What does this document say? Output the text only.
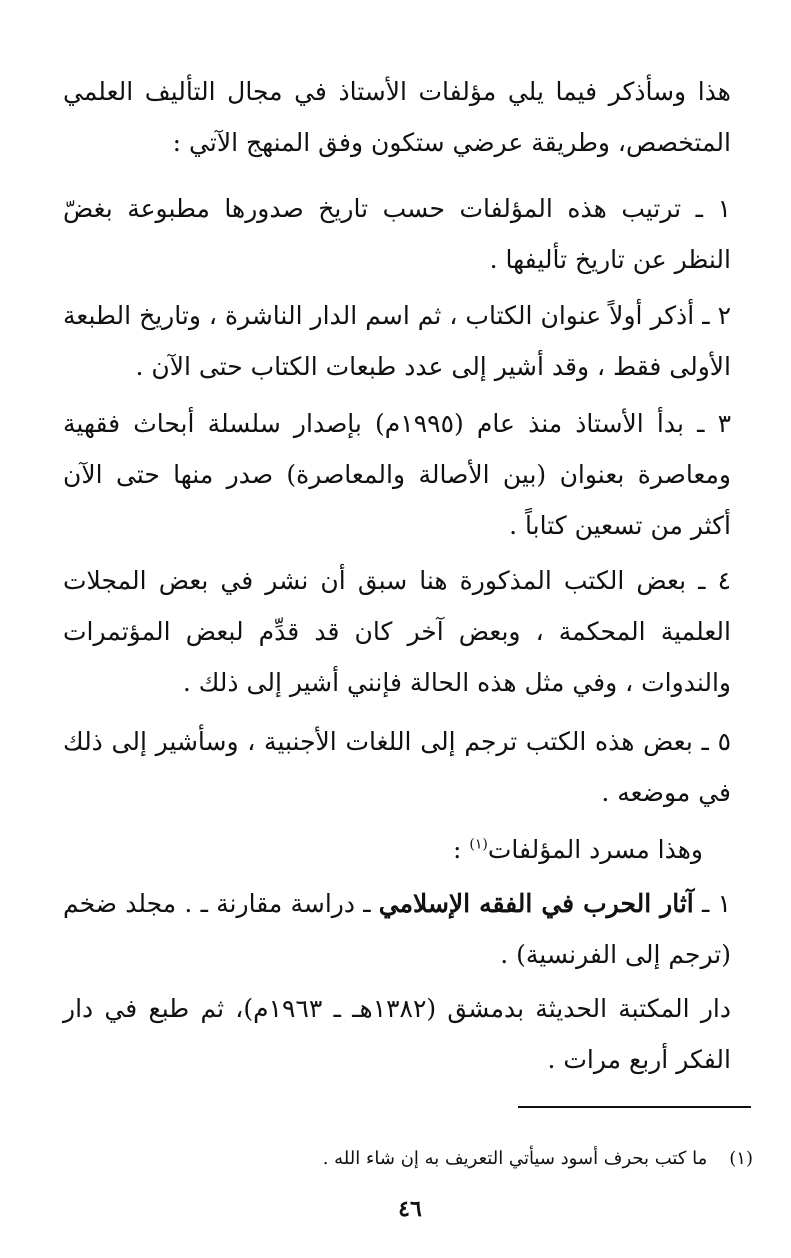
هذا وسأذكر فيما يلي مؤلفات الأستاذ في مجال التأليف العلمي المتخصص، وطريقة عرضي ستكون وفق المنهج الآتي :

١ ـ ترتيب هذه المؤلفات حسب تاريخ صدورها مطبوعة بغضّ النظر عن تاريخ تأليفها .

٢ ـ أذكر أولاً عنوان الكتاب ، ثم اسم الدار الناشرة ، وتاريخ الطبعة الأولى فقط ، وقد أشير إلى عدد طبعات الكتاب حتى الآن .

٣ ـ بدأ الأستاذ منذ عام (١٩٩٥م) بإصدار سلسلة أبحاث فقهية ومعاصرة بعنوان (بين الأصالة والمعاصرة) صدر منها حتى الآن أكثر من تسعين كتاباً .

٤ ـ بعض الكتب المذكورة هنا سبق أن نشر في بعض المجلات العلمية المحكمة ، وبعض آخر كان قد قدِّم لبعض المؤتمرات والندوات ، وفي مثل هذه الحالة فإنني أشير إلى ذلك .

٥ ـ بعض هذه الكتب ترجم إلى اللغات الأجنبية ، وسأشير إلى ذلك في موضعه .

وهذا مسرد المؤلفات$^{(١)}$ :

١ ـ آثار الحرب في الفقه الإسلامي ـ دراسة مقارنة ـ . مجلد ضخم (ترجم إلى الفرنسية) .

دار المكتبة الحديثة بدمشق (١٣٨٢هـ ـ ١٩٦٣م)، ثم طبع في دار الفكر أربع مرات .

(١)ما كتب بحرف أسود سيأتي التعريف به إن شاء الله .
٤٦
